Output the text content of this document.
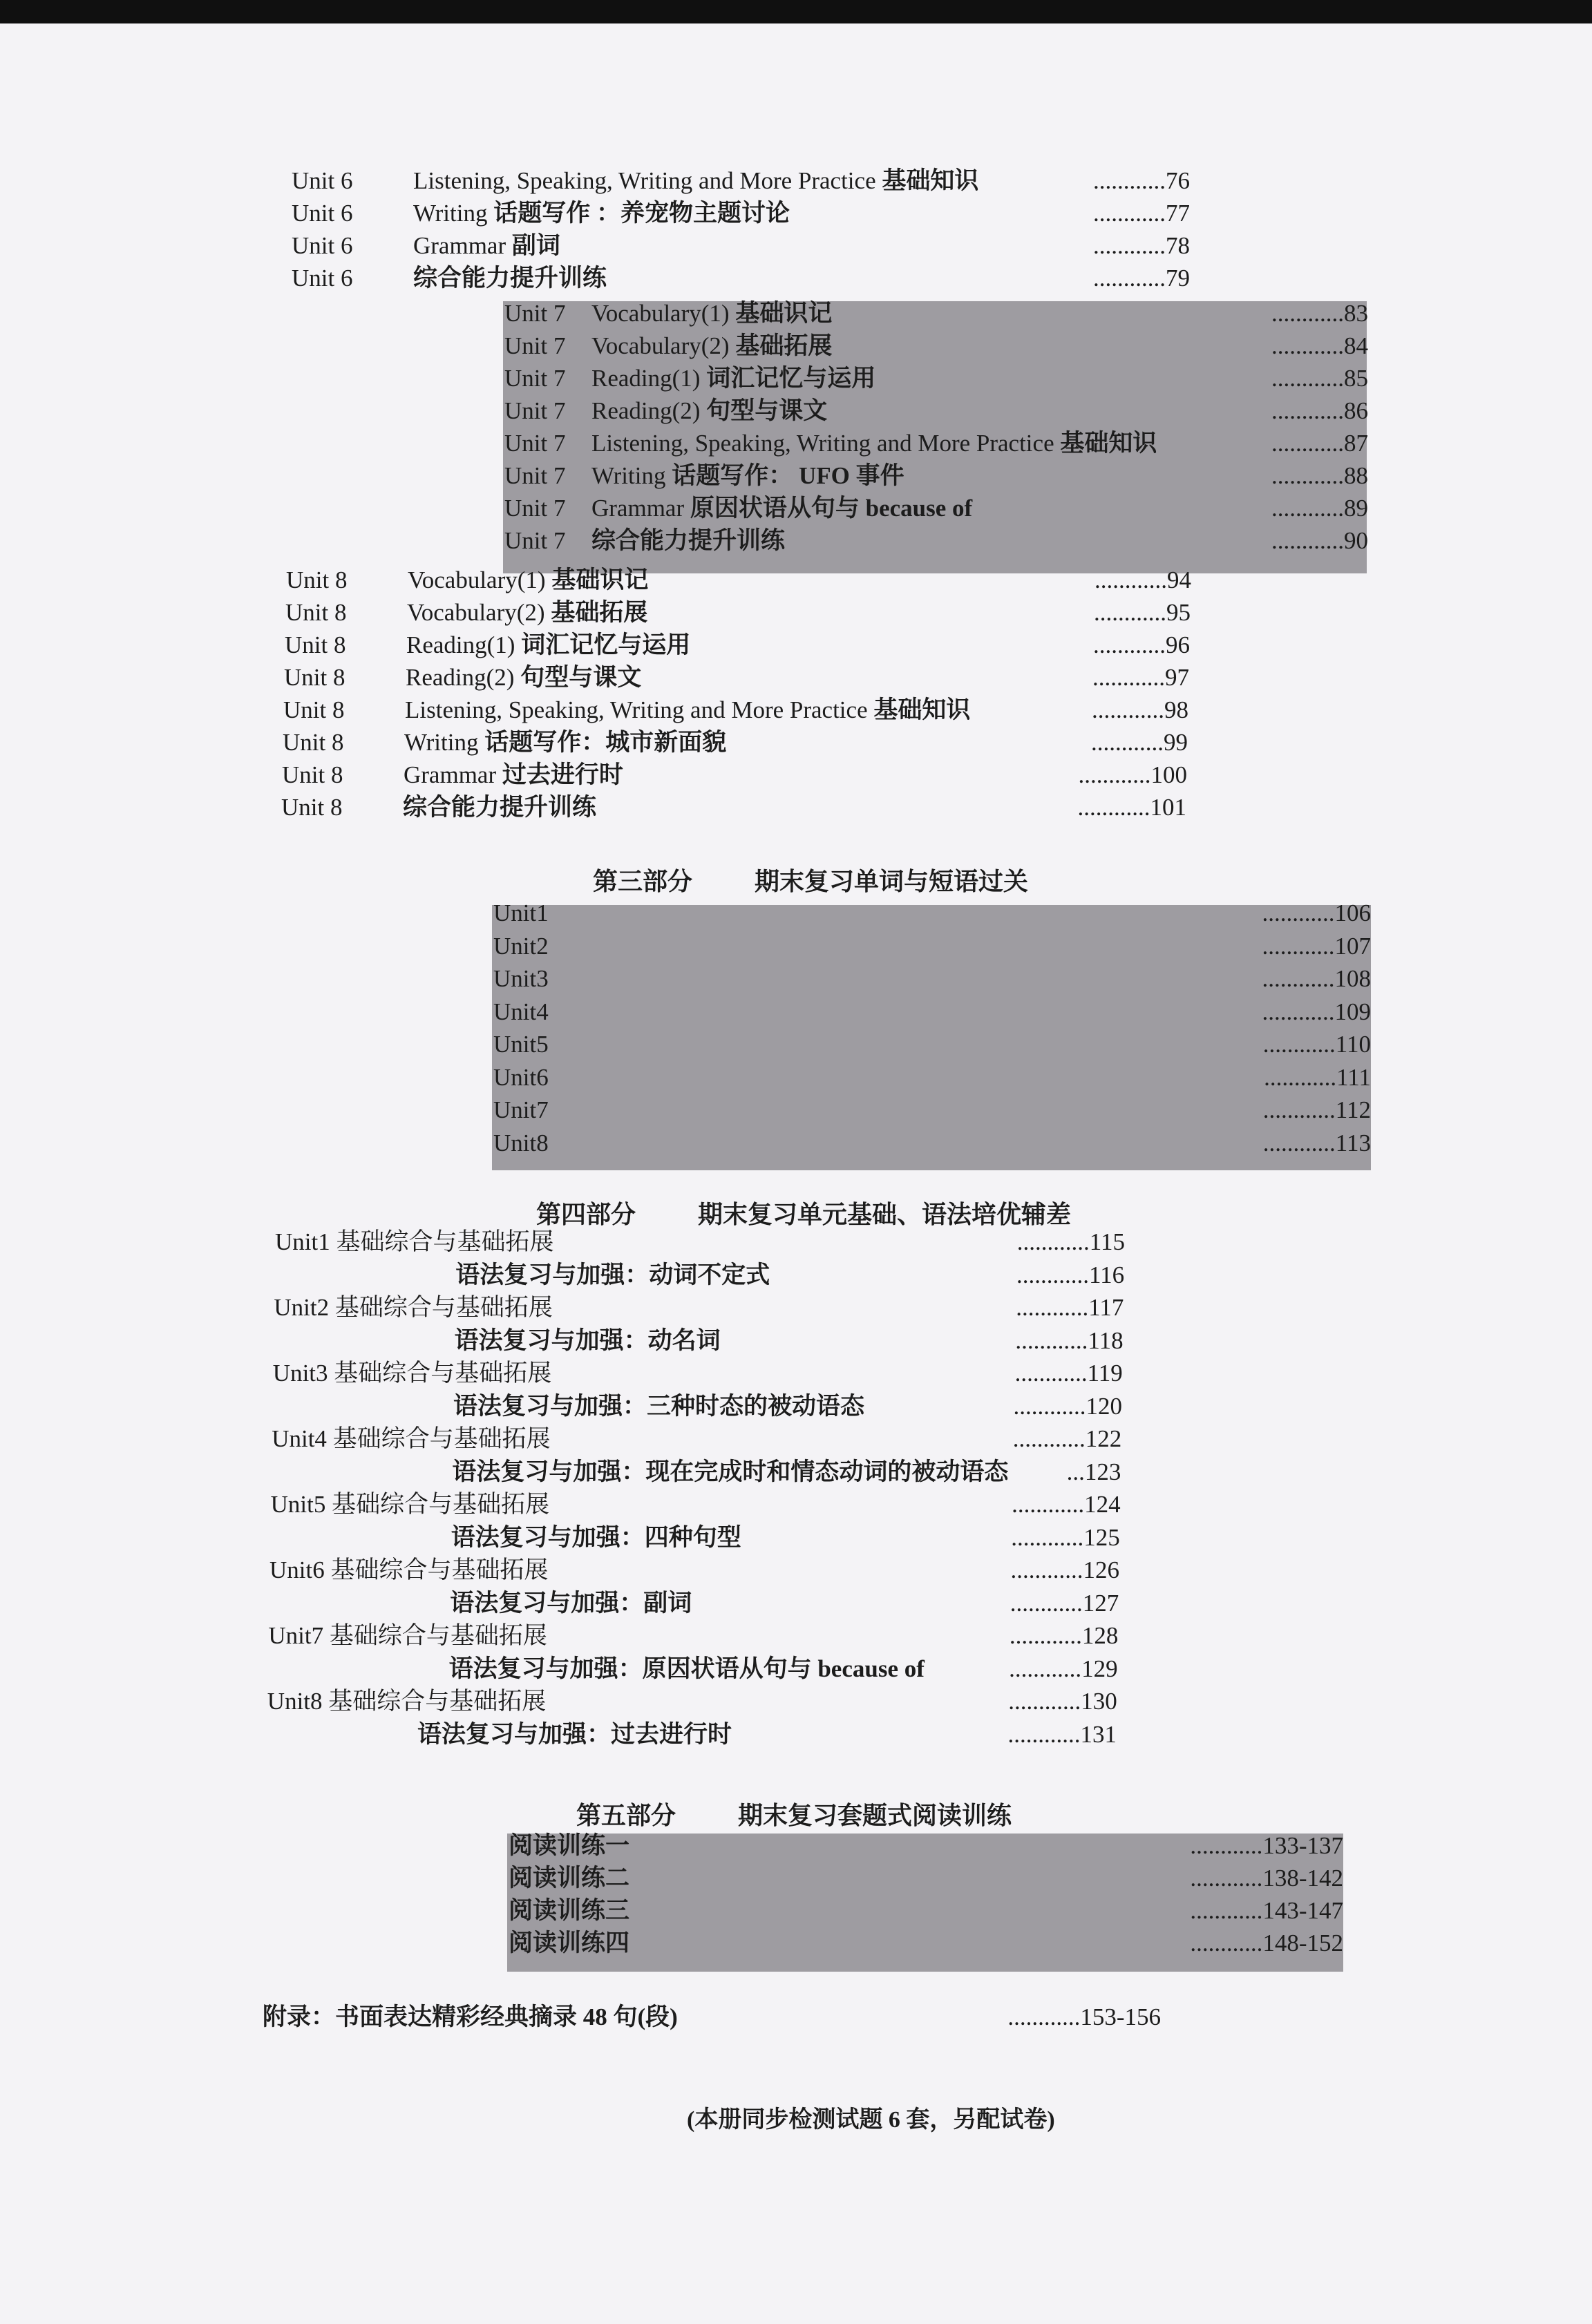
Unit 6	Listening, Speaking, Writing and More Practice 基础知识	............76
Unit 6	Writing 话题写作 ：养宠物主题讨论	............77
Unit 6	Grammar 副词	............78
Unit 6	综合能力提升训练	............79
Unit 7 Vocabulary(1) 基础识记	............83
Unit 7 Vocabulary(2) 基础拓展	............84
Unit 7 Reading(1) 词汇记忆与运用	............85
Unit 7 Reading(2) 句型与课文	............86
Unit 7 Listening, Speaking, Writing and More Practice 基础知识	............87
Unit 7 Writing 话题写作： UFO 事件	............88
Unit 7 Grammar 原因状语从句与 because of	............89
Unit 7 综合能力提升训练	............90
Unit 8	Vocabulary(1) 基础识记	............94
Unit 8	Vocabulary(2) 基础拓展	............95
Unit 8	Reading(1) 词汇记忆与运用	............96
Unit 8	Reading(2) 句型与课文	............97
Unit 8	Listening, Speaking, Writing and More Practice 基础知识	............98
Unit 8	Writing 话题写作：城市新面貌	............99
Unit 8	Grammar 过去进行时	............100
Unit 8	综合能力提升训练	............101
第三部分	期末复习单词与短语过关
Unit1	............106
Unit2	............107
Unit3	............108
Unit4	............109
Unit5	............110
Unit6	............111
Unit7	............112
Unit8	............113
第四部分	期末复习单元基础、语法培优辅差
Unit1 基础综合与基础拓展	............115
语法复习与加强：动词不定式	............116
Unit2 基础综合与基础拓展	............117
语法复习与加强：动名词	............118
Unit3 基础综合与基础拓展	............119
语法复习与加强：三种时态的被动语态	............120
Unit4 基础综合与基础拓展	............122
语法复习与加强：现在完成时和情态动词的被动语态 ...123
Unit5 基础综合与基础拓展	............124
语法复习与加强：四种句型	............125
Unit6 基础综合与基础拓展	............126
语法复习与加强：副词	............127
Unit7 基础综合与基础拓展	............128
语法复习与加强：原因状语从句与 because of	............129
Unit8 基础综合与基础拓展	............130
语法复习与加强：过去进行时	............131
第五部分	期末复习套题式阅读训练
阅读训练一	............133-137
阅读训练二	............138-142
阅读训练三	............143-147
阅读训练四	............148-152
附录：书面表达精彩经典摘录 48 句(段)	............153-156
(本册同步检测试题 6 套，另配试卷)
